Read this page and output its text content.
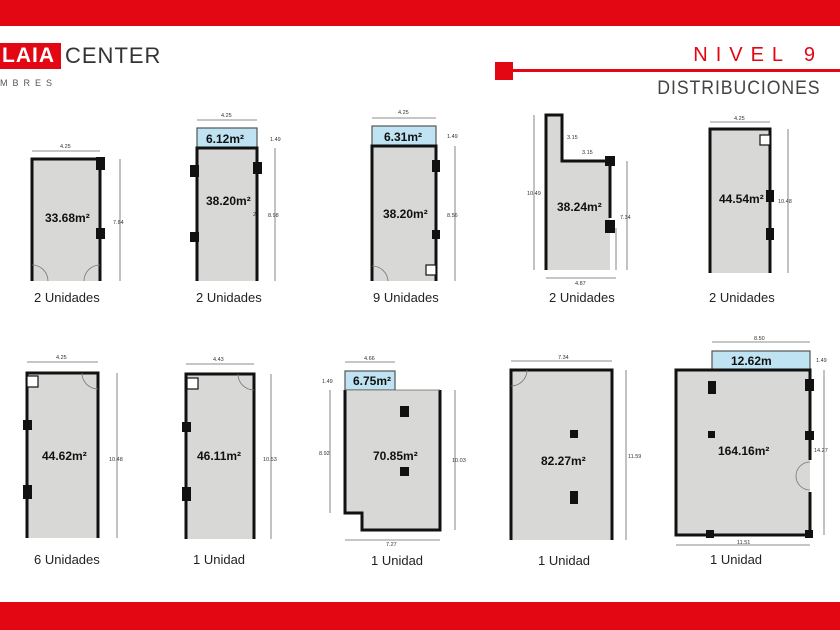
LAIA CENTER
MBRES
NIVEL 9
DISTRIBUCIONES
4.25
7.84
33.68m²
2 Unidades
6.12m²
4.25
1.49
8.98
2
38.20m²
2 Unidades
6.31m²
4.25
1.49
8.56
38.20m²
9 Unidades
4.87
10.49
3.15
3.15
7.34
38.24m²
2 Unidades
4.25
10.48
44.54m²
2 Unidades
4.25
10.48
44.62m²
6 Unidades
4.43
10.53
46.11m²
1 Unidad
6.75m²
4.66
1.49
8.92
10.03
7.27
70.85m²
1 Unidad
7.34
11.59
82.27m²
1 Unidad
12.62m
8.50
1.49
14.27
11.51
164.16m²
1 Unidad
